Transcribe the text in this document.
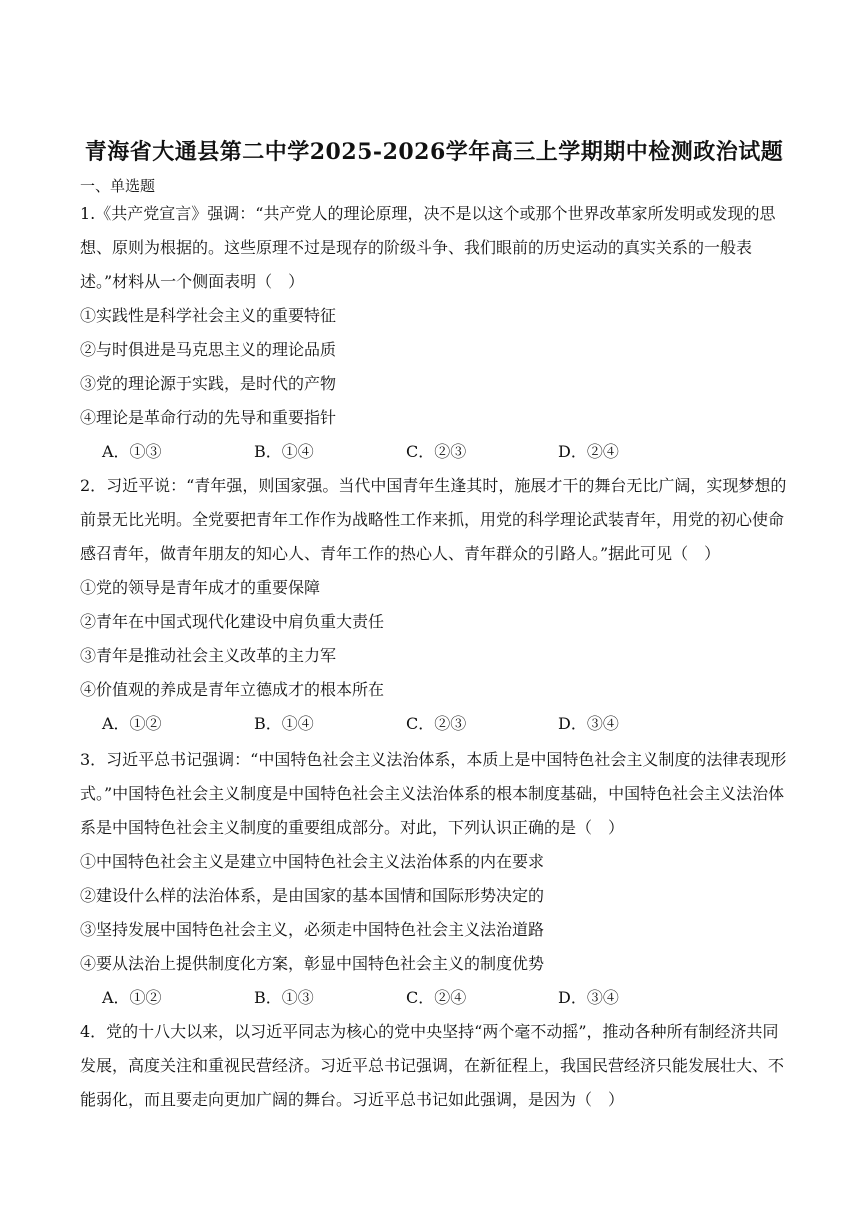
青海省大通县第二中学2025-2026学年高三上学期期中检测政治试题
一、单选题

1.《共产党宣言》强调：“共产党人的理论原理，决不是以这个或那个世界改革家所发明或发现的思想、原则为根据的。这些原理不过是现存的阶级斗争、我们眼前的历史运动的真实关系的一般表述。”材料从一个侧面表明（　）

①实践性是科学社会主义的重要特征

②与时俱进是马克思主义的理论品质

③党的理论源于实践，是时代的产物

④理论是革命行动的先导和重要指针

A．①③	B．①④	C．②③	D．②④

2．习近平说：“青年强，则国家强。当代中国青年生逢其时，施展才干的舞台无比广阔，实现梦想的前景无比光明。全党要把青年工作作为战略性工作来抓，用党的科学理论武装青年，用党的初心使命感召青年，做青年朋友的知心人、青年工作的热心人、青年群众的引路人。”据此可见（　）

①党的领导是青年成才的重要保障

②青年在中国式现代化建设中肩负重大责任

③青年是推动社会主义改革的主力军

④价值观的养成是青年立德成才的根本所在

A．①②	B．①④	C．②③	D．③④

3．习近平总书记强调：“中国特色社会主义法治体系，本质上是中国特色社会主义制度的法律表现形式。”中国特色社会主义制度是中国特色社会主义法治体系的根本制度基础，中国特色社会主义法治体系是中国特色社会主义制度的重要组成部分。对此，下列认识正确的是（　）

①中国特色社会主义是建立中国特色社会主义法治体系的内在要求

②建设什么样的法治体系，是由国家的基本国情和国际形势决定的

③坚持发展中国特色社会主义，必须走中国特色社会主义法治道路

④要从法治上提供制度化方案，彰显中国特色社会主义的制度优势

A．①②	B．①③	C．②④	D．③④

4．党的十八大以来，以习近平同志为核心的党中央坚持“两个毫不动摇”，推动各种所有制经济共同发展，高度关注和重视民营经济。习近平总书记强调，在新征程上，我国民营经济只能发展壮大、不能弱化，而且要走向更加广阔的舞台。习近平总书记如此强调，是因为（　）
